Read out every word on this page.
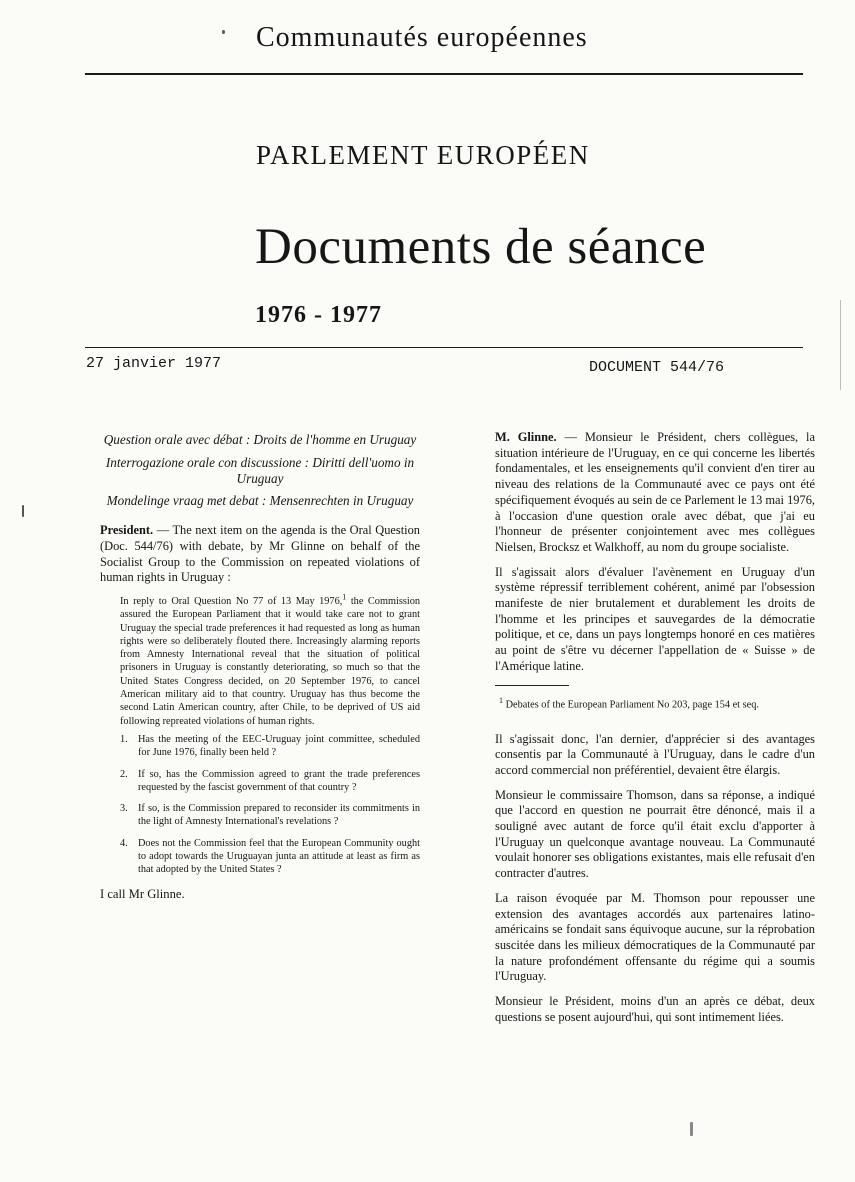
Communautés européennes
PARLEMENT EUROPÉEN
Documents de séance
1976 - 1977
27 janvier 1977	DOCUMENT 544/76
Question orale avec débat : Droits de l'homme en Uruguay
Interrogazione orale con discussione : Diritti dell'uomo in Uruguay
Mondelinge vraag met debat : Mensenrechten in Uruguay

President. — The next item on the agenda is the Oral Question (Doc. 544/76) with debate, by Mr Glinne on behalf of the Socialist Group to the Commission on repeated violations of human rights in Uruguay :

In reply to Oral Question No 77 of 13 May 1976,$^1$ the Commission assured the European Parliament that it would take care not to grant Uruguay the special trade preferences it had requested as long as human rights were so deliberately flouted there. Increasingly alarming reports from Amnesty International reveal that the situation of political prisoners in Uruguay is constantly deteriorating, so much so that the United States Congress decided, on 20 September 1976, to cancel American military aid to that country. Uruguay has thus become the second Latin American country, after Chile, to be deprived of US aid following repreated violations of human rights.

1. Has the meeting of the EEC-Uruguay joint committee, scheduled for June 1976, finally been held ?
2. If so, has the Commission agreed to grant the trade preferences requested by the fascist government of that country ?
3. If so, is the Commission prepared to reconsider its commitments in the light of Amnesty International's revelations ?
4. Does not the Commission feel that the European Community ought to adopt towards the Uruguayan junta an attitude at least as firm as that adopted by the United States ?

I call Mr Glinne.

M. Glinne. — Monsieur le Président, chers collègues, la situation intérieure de l'Uruguay, en ce qui concerne les libertés fondamentales, et les enseignements qu'il convient d'en tirer au niveau des relations de la Communauté avec ce pays ont été spécifiquement évoqués au sein de ce Parlement le 13 mai 1976, à l'occasion d'une question orale avec débat, que j'ai eu l'honneur de présenter conjointement avec mes collègues Nielsen, Brocksz et Walkhoff, au nom du groupe socialiste.

Il s'agissait alors d'évaluer l'avènement en Uruguay d'un système répressif terriblement cohérent, animé par l'obsession manifeste de nier brutalement et durablement les droits de l'homme et les principes et sauvegardes de la démocratie politique, et ce, dans un pays longtemps honoré en ces matières au point de s'être vu décerner l'appellation de « Suisse » de l'Amérique latine.

$^1$ Debates of the European Parliament No 203, page 154 et seq.

Il s'agissait donc, l'an dernier, d'apprécier si des avantages consentis par la Communauté à l'Uruguay, dans le cadre d'un accord commercial non préférentiel, devaient être élargis.

Monsieur le commissaire Thomson, dans sa réponse, a indiqué que l'accord en question ne pourrait être dénoncé, mais il a souligné avec autant de force qu'il était exclu d'apporter à l'Uruguay un quelconque avantage nouveau. La Communauté voulait honorer ses obligations existantes, mais elle refusait d'en contracter d'autres.

La raison évoquée par M. Thomson pour repousser une extension des avantages accordés aux partenaires latino-américains se fondait sans équivoque aucune, sur la réprobation suscitée dans les milieux démocratiques de la Communauté par la nature profondément offensante du régime qui a soumis l'Uruguay.

Monsieur le Président, moins d'un an après ce débat, deux questions se posent aujourd'hui, qui sont intimement liées.
